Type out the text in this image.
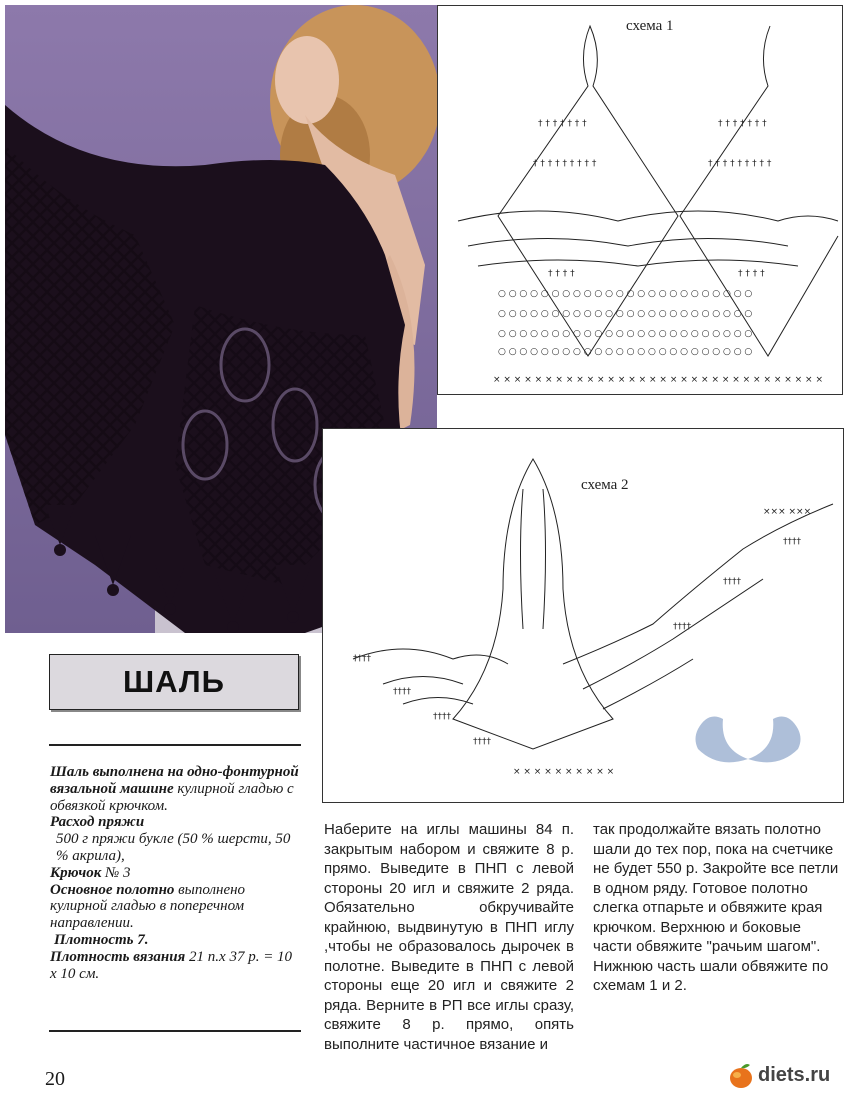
схема 1
○ ○ ○ ○ ○ ○ ○ ○ ○ ○ ○ ○ ○ ○ ○ ○ ○ ○ ○ ○ ○ ○ ○ ○
○ ○ ○ ○ ○ ○ ○ ○ ○ ○ ○ ○ ○ ○ ○ ○ ○ ○ ○ ○ ○ ○ ○ ○
○ ○ ○ ○ ○ ○ ○ ○ ○ ○ ○ ○ ○ ○ ○ ○ ○ ○ ○ ○ ○ ○ ○ ○
○ ○ ○ ○ ○ ○ ○ ○ ○ ○ ○ ○ ○ ○ ○ ○ ○ ○ ○ ○ ○ ○ ○ ○
× × × × × × × × × × × × × × × × × × × × × × × × × × × × × × × ×
† † † † † † †	† † † † † † †
† † † † † † † † †	† † † † † † † † †
† † † †	† † † †
схема 2
††††
††††
††††
††††
††††
††††
††††
××× ×××
× × × × × × × × × ×
ШАЛЬ

Шаль выполнена на одно-фонтурной вязальной машине кулирной гладью с обвязкой крючком.

Расход пряжи

500 г пряжи букле (50 % шерсти, 50 % акрила),

Крючок № 3

Основное полотно выполнено кулирной гладью в поперечном направлении.

Плотность 7.

Плотность вязания 21 п.х 37 р. = 10 х 10 см.

Наберите на иглы машины 84 п. закрытым набором и свяжите 8 р. прямо. Выведите в ПНП с левой стороны 20 игл и свяжите 2 ряда. Обязательно обкручивайте крайнюю, выдвинутую в ПНП иглу ,чтобы не образовалось дырочек в полотне. Выведите в ПНП с левой стороны еще 20 игл и свяжите 2 ряда. Верните в РП все иглы сразу, свяжите 8 р. прямо, опять выполните частичное вязание и
так продолжайте вязать полотно шали до тех пор, пока на счетчике не будет 550 р. Закройте все петли в одном ряду. Готовое полотно слегка отпарьте и обвяжите края крючком. Верхнюю и боковые части обвяжите "рачьим шагом". Нижнюю часть шали обвяжите по схемам 1 и 2.
20	diets.ru
